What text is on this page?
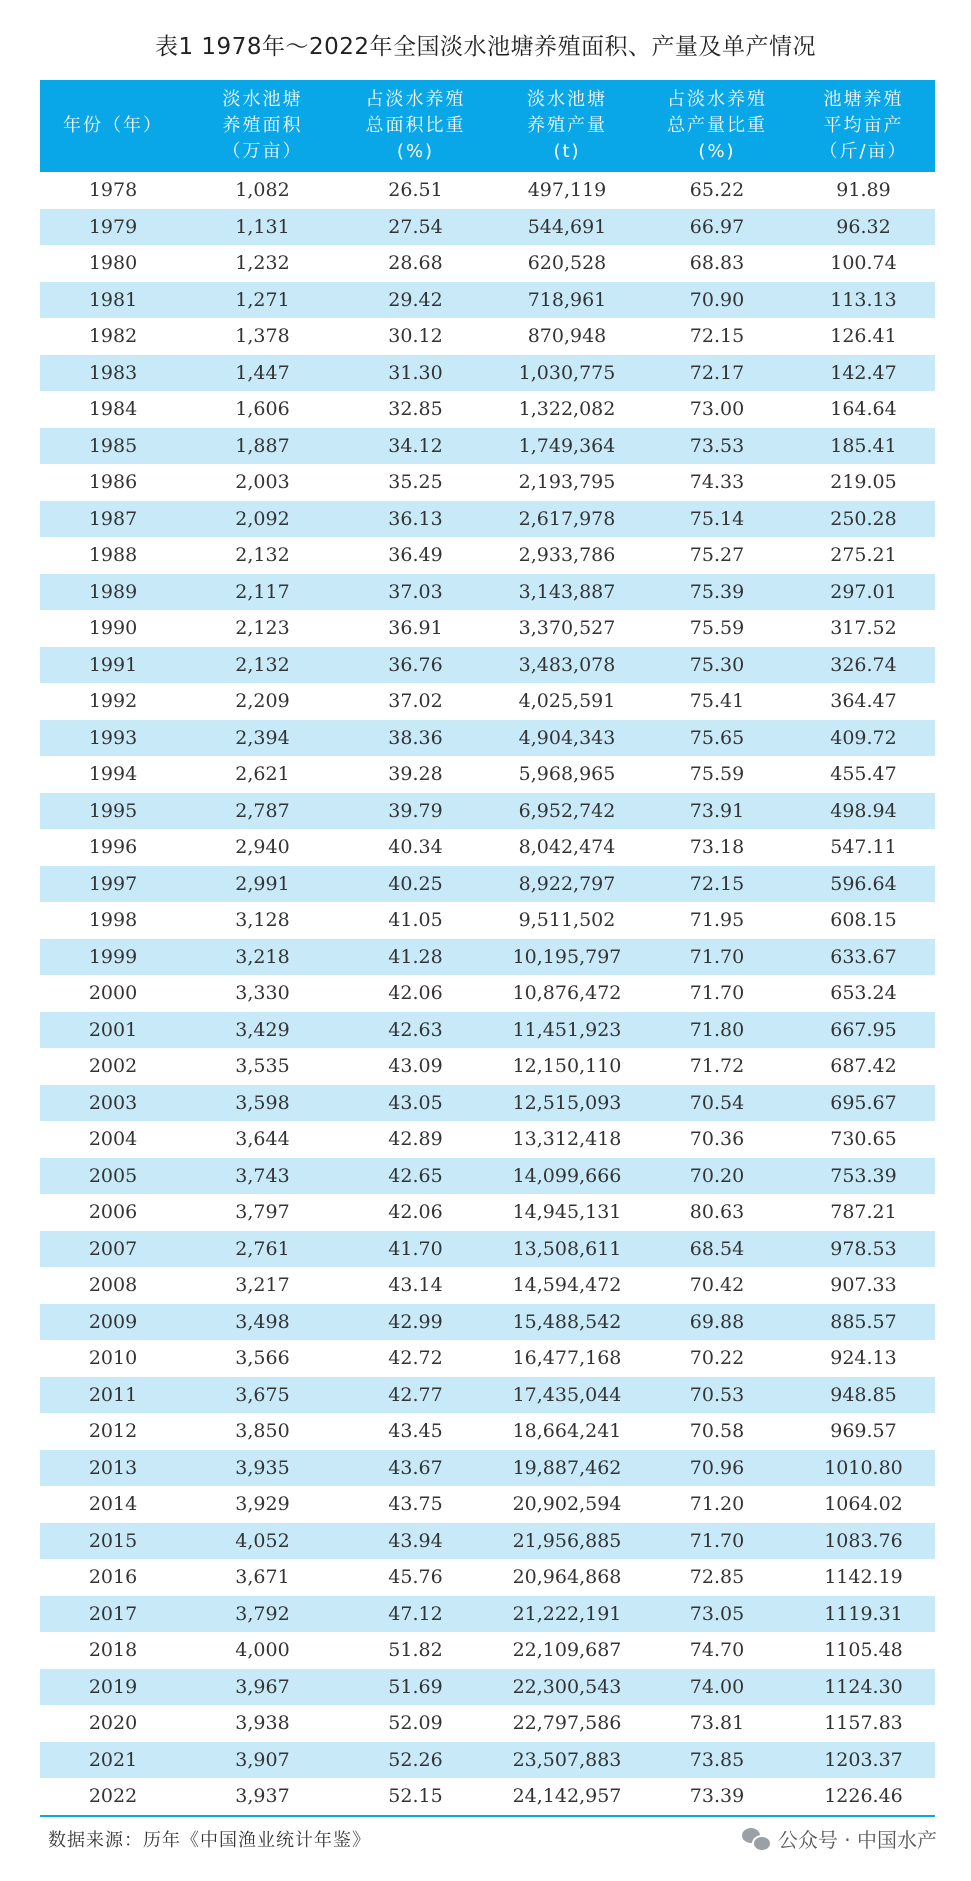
表1 1978年～2022年全国淡水池塘养殖面积、产量及单产情况
年份（年）	淡水池塘
养殖面积
（万亩）	占淡水养殖
总面积比重
(%)	淡水池塘
养殖产量
(t)	占淡水养殖
总产量比重
(%)	池塘养殖
平均亩产
（斤/亩）

1978	1,082	26.51	497,119	65.22	91.89
1979	1,131	27.54	544,691	66.97	96.32
1980	1,232	28.68	620,528	68.83	100.74
1981	1,271	29.42	718,961	70.90	113.13
1982	1,378	30.12	870,948	72.15	126.41
1983	1,447	31.30	1,030,775	72.17	142.47
1984	1,606	32.85	1,322,082	73.00	164.64
1985	1,887	34.12	1,749,364	73.53	185.41
1986	2,003	35.25	2,193,795	74.33	219.05
1987	2,092	36.13	2,617,978	75.14	250.28
1988	2,132	36.49	2,933,786	75.27	275.21
1989	2,117	37.03	3,143,887	75.39	297.01
1990	2,123	36.91	3,370,527	75.59	317.52
1991	2,132	36.76	3,483,078	75.30	326.74
1992	2,209	37.02	4,025,591	75.41	364.47
1993	2,394	38.36	4,904,343	75.65	409.72
1994	2,621	39.28	5,968,965	75.59	455.47
1995	2,787	39.79	6,952,742	73.91	498.94
1996	2,940	40.34	8,042,474	73.18	547.11
1997	2,991	40.25	8,922,797	72.15	596.64
1998	3,128	41.05	9,511,502	71.95	608.15
1999	3,218	41.28	10,195,797	71.70	633.67
2000	3,330	42.06	10,876,472	71.70	653.24
2001	3,429	42.63	11,451,923	71.80	667.95
2002	3,535	43.09	12,150,110	71.72	687.42
2003	3,598	43.05	12,515,093	70.54	695.67
2004	3,644	42.89	13,312,418	70.36	730.65
2005	3,743	42.65	14,099,666	70.20	753.39
2006	3,797	42.06	14,945,131	80.63	787.21
2007	2,761	41.70	13,508,611	68.54	978.53
2008	3,217	43.14	14,594,472	70.42	907.33
2009	3,498	42.99	15,488,542	69.88	885.57
2010	3,566	42.72	16,477,168	70.22	924.13
2011	3,675	42.77	17,435,044	70.53	948.85
2012	3,850	43.45	18,664,241	70.58	969.57
2013	3,935	43.67	19,887,462	70.96	1010.80
2014	3,929	43.75	20,902,594	71.20	1064.02
2015	4,052	43.94	21,956,885	71.70	1083.76
2016	3,671	45.76	20,964,868	72.85	1142.19
2017	3,792	47.12	21,222,191	73.05	1119.31
2018	4,000	51.82	22,109,687	74.70	1105.48
2019	3,967	51.69	22,300,543	74.00	1124.30
2020	3,938	52.09	22,797,586	73.81	1157.83
2021	3,907	52.26	23,507,883	73.85	1203.37
2022	3,937	52.15	24,142,957	73.39	1226.46
数据来源：历年《中国渔业统计年鉴》	公众号 · 中国水产
